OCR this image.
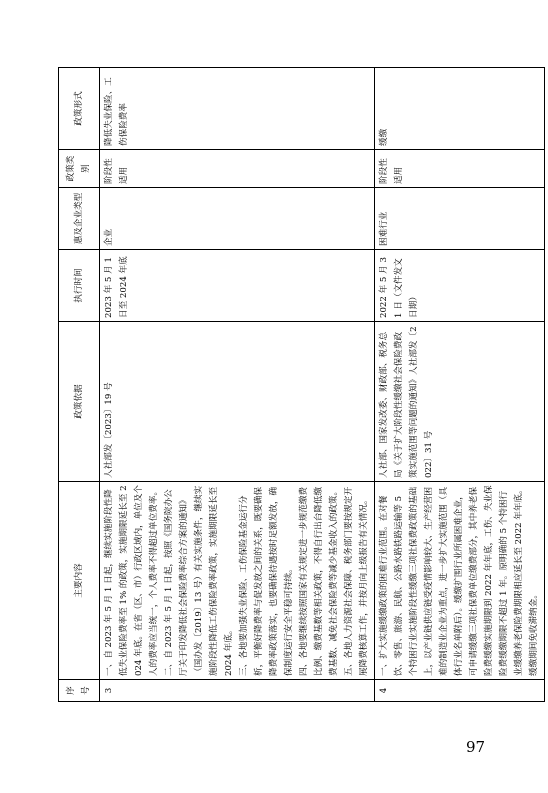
序号	主要内容	政策依据	执行时间	惠及企业类型	政策类别	政策形式
3	一、自 2023 年 5 月 1 日起，继续实施阶段性降低失业保险费率至 1% 的政策，实施期限延长至 2024 年底。在省（区、市）行政区域内，单位及个人的费率应当统一，个人费率不得超过单位费率。 二、自 2023 年 5 月 1 日起，按照《国务院办公厅关于印发降低社会保险费率综合方案的通知》（国办发〔2019〕13 号）有关实施条件，继续实施阶段性降低工伤保险费率政策，实施期限延长至 2024 年底。 三、各地要加强失业保险、工伤保险基金运行分析，平衡好降费率与促发放之间的关系，既要确保降费率政策落实，也要确保待遇按时足额发放，确保制度运行安全平稳可持续。 四、各地要继续按照国家有关规定进一步规范缴费比例、缴费基数等相关政策，不得自行出台降低缴费基数、减免社会保险费等减少基金收入的政策。 五、各地人力资源社会保障、税务部门要按规定开展降费核算工作，并按月向上级报告有关情况。	人社部发〔2023〕19 号	2023 年 5 月 1 日至 2024 年底	企业	阶段性适用	降低失业保险、工伤保险费率
4	一、扩大实施缓缴政策的困难行业范围。在对餐饮、零售、旅游、民航、公路水路铁路运输等 5 个特困行业实施阶段性缓缴三项社保费政策的基础上，以产业链供应链受疫情影响较大、生产经营困难的制造业企业为重点，进一步扩大实施范围（具体行业名单附后）。缓缴扩围行业所属困难企业，可申请缓缴三项社保费单位缴费部分，其中养老保险费缓缴实施期限到 2022 年年底，工伤、失业保险费缓缴期限不超过 1 年。原明确的 5 个特困行业缓缴养老保险费期限相应延长至 2022 年年底。缓缴期间免收滞纳金。	人社部、国家发改委、财政部、税务总局《关于扩大阶段性缓缴社会保险费政策实施范围等问题的通知》人社部发〔2022〕31 号	2022 年 5 月 31 日（文件发文日期）	困难行业	阶段性适用	缓缴
97
